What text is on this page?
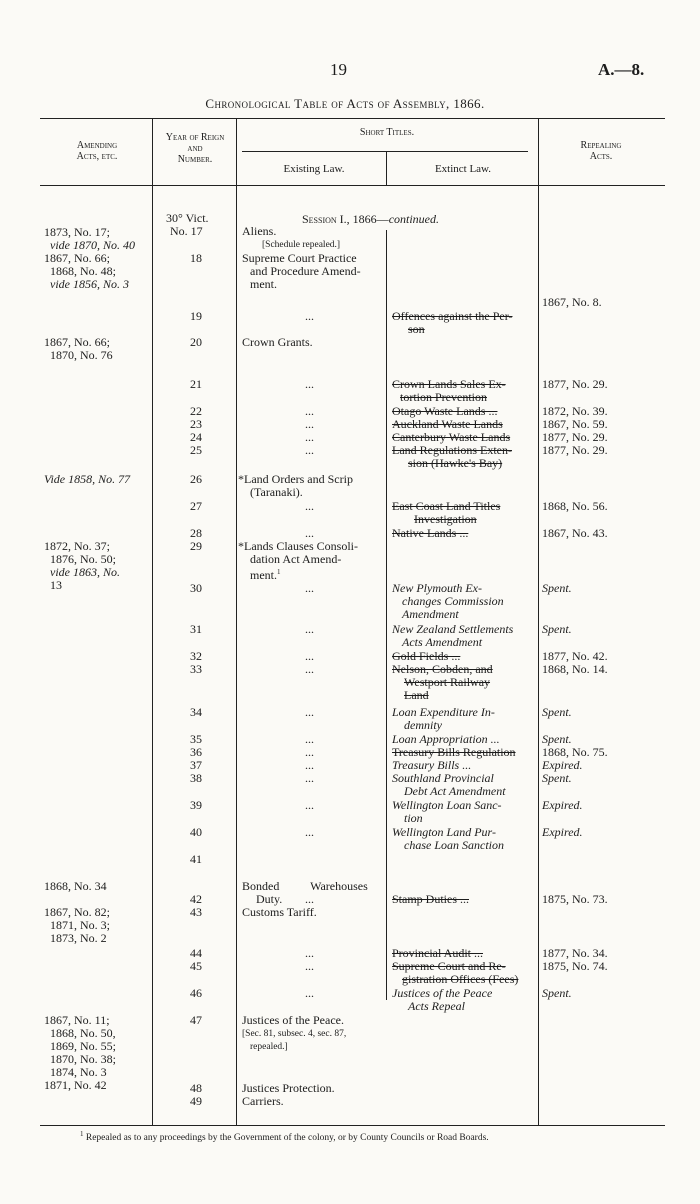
19	A.—8.
Chronological Table of Acts of Assembly, 1866.
Amending
Acts, etc.
Year of Reign
and
Number.
Short Titles.
Existing Law.	Extinct Law.
Repealing
Acts.
30° Vict.
No. 17
Session I., 1866—continued.
1873, No. 17;
vide 1870, No. 40
1867, No. 66;
1868, No. 48;
vide 1856, No. 3
1867, No. 66;
1870, No. 76
Vide 1858, No. 77
1872, No. 37;
1876, No. 50;
vide 1863, No.
13
1868, No. 34
1867, No. 82;
1871, No. 3;
1873, No. 2
1867, No. 11;
1868, No. 50,
1869, No. 55;
1870, No. 38;
1874, No. 3
1871, No. 42
18
19
20
21
22
23
24
25
26
27
28
29
30
31
32
33
34
35
36
37
38
39
40
41
42
43
44
45
46
47
48
49
Aliens.
[Schedule repealed.]
Supreme Court Practice
and Procedure Amend-
ment.
Crown Grants.
*Land Orders and Scrip
(Taranaki).
*Lands Clauses Consoli-
dation Act Amend-
ment.$^1$
Bonded Warehouses
Duty.
Customs Tariff.
Justices of the Peace.
[Sec. 81, subsec. 4, sec. 87,
repealed.]
Justices Protection.
Carriers.
...
...
...
...
...
...
...
...
...
...
...
...
...
...
...
...
...
...
...
...
...
...
...
Offences against the Per-
son
Crown Lands Sales Ex-
tortion Prevention
Otago Waste Lands ...
Auckland Waste Lands
Canterbury Waste Lands
Land Regulations Exten-
sion (Hawke's Bay)
East Coast Land Titles
Investigation
Native Lands ...
New Plymouth Ex-
changes Commission
Amendment
New Zealand Settlements
Acts Amendment
Gold Fields ...
Nelson, Cobden, and
Westport Railway
Land
Loan Expenditure In-
demnity
Loan Appropriation ...
Treasury Bills Regulation
Treasury Bills ...
Southland Provincial
Debt Act Amendment
Wellington Loan Sanc-
tion
Wellington Land Pur-
chase Loan Sanction
Stamp Duties ...
Provincial Audit ...
Supreme Court and Re-
gistration Offices (Fees)
Justices of the Peace
Acts Repeal
1867, No. 8.
1877, No. 29.
1872, No. 39.
1867, No. 59.
1877, No. 29.
1877, No. 29.
1868, No. 56.
1867, No. 43.
Spent.
Spent.
1877, No. 42.
1868, No. 14.
Spent.
Spent.
1868, No. 75.
Expired.
Spent.
Expired.
Expired.
1875, No. 73.
1877, No. 34.
1875, No. 74.
Spent.
$^1$ Repealed as to any proceedings by the Government of the colony, or by County Councils or Road Boards.
